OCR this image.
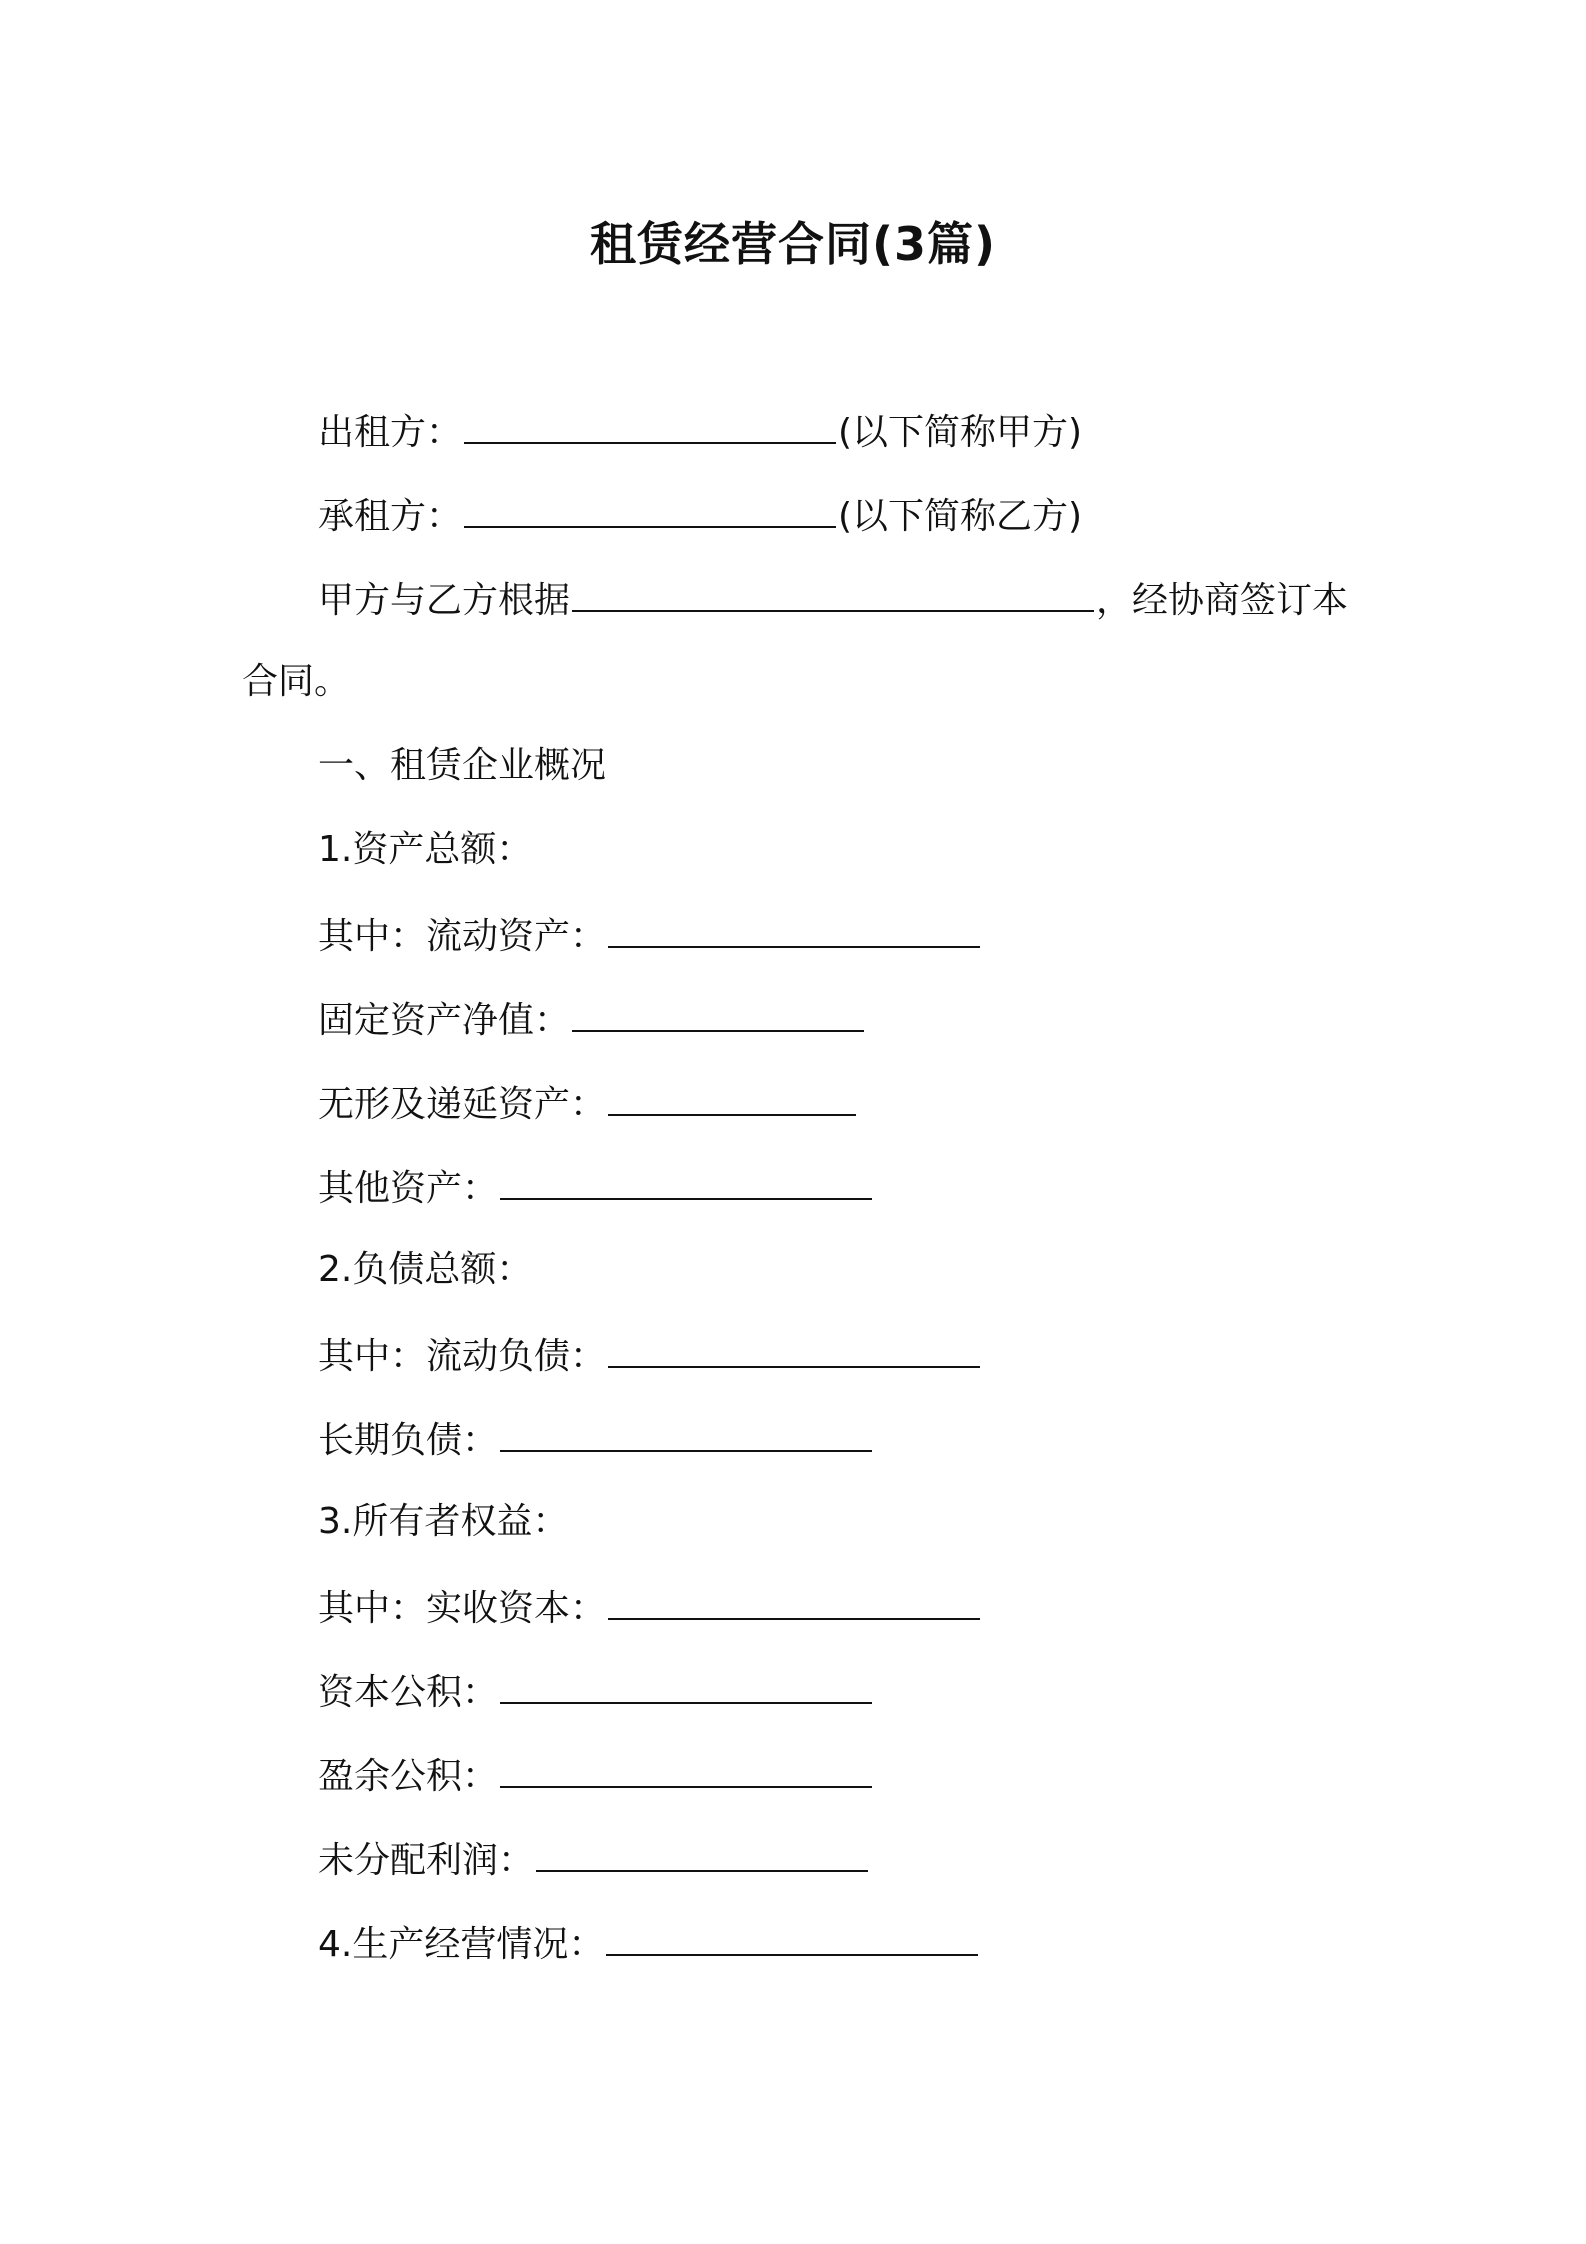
租赁经营合同(3篇)
出租方：	(以下简称甲方)
承租方：	(以下简称乙方)
甲方与乙方根据	，经协商签订本
合同。
一、租赁企业概况
1.资产总额：
其中：流动资产：
固定资产净值：
无形及递延资产：
其他资产：
2.负债总额：
其中：流动负债：
长期负债：
3.所有者权益：
其中：实收资本：
资本公积：
盈余公积：
未分配利润：
4.生产经营情况：
